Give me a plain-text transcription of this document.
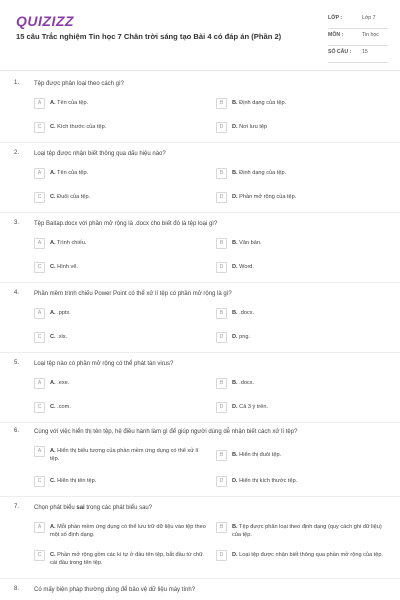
QUIZIZZ
15 câu Trắc nghiệm Tin học 7 Chân trời sáng tạo Bài 4 có đáp án (Phần 2)
LỚP :	Lớp 7
MÔN :	Tin học
SỐ CÂU : 15
1. Tệp được phân loại theo cách gì?
A	A. Tên của tệp.	B	B. Định dạng của tệp.
C	C. Kích thước của tệp.	D	D. Nơi lưu tệp
2. Loại tệp được nhận biết thông qua dấu hiệu nào?
A	A. Tên của tệp.	B	B. Định dạng của tệp.
C	C. Đuôi của tệp.	D	D. Phần mở rộng của tệp.
3. Tệp Baitap.docx với phần mở rộng là .docx cho biết đó là tệp loại gì?
A	A. Trình chiếu.	B	B. Văn bản.
C	C. Hình vẽ.	D	D. Word.
4. Phần mềm trình chiếu Power Point có thể xử lí tệp có phần mở rộng là gì?
A	A. .pptx.	B	B. .docx.
C	C. .xls.	D	D. png.
5. Loại tệp nào có phần mở rộng có thể phát tán virus?
A	A. .exe.	B	B. .docx.
C	C. .com.	D	D. Cả 3 ý trên.
6. Cùng với việc hiển thị tên tệp, hệ điều hành làm gì để giúp người dùng dễ nhận biết cách xử lí tệp?
A	A. Hiển thị biểu tượng của phần mềm ứng dụng có thể xử lí tệp.
B	B. Hiển thị đuôi tệp.
C	C. Hiển thị tên tệp.	D	D. Hiển thị kích thước tệp.
7. Chọn phát biểu sai trong các phát biểu sau?
A	A. Mỗi phần mềm ứng dụng có thể lưu trữ dữ liệu vào tệp theo một số định dạng.
B	B. Tệp được phân loại theo định dạng (quy cách ghi dữ liệu) của tệp.
C	C. Phần mở rộng gồm các kí tự ở đầu tên tệp, bắt đầu từ chữ cái đầu trong tên tệp.
D	D. Loại tệp được nhận biết thông qua phần mở rộng của tệp.
8. Có mấy biện pháp thường dùng để bảo vệ dữ liệu máy tính?
